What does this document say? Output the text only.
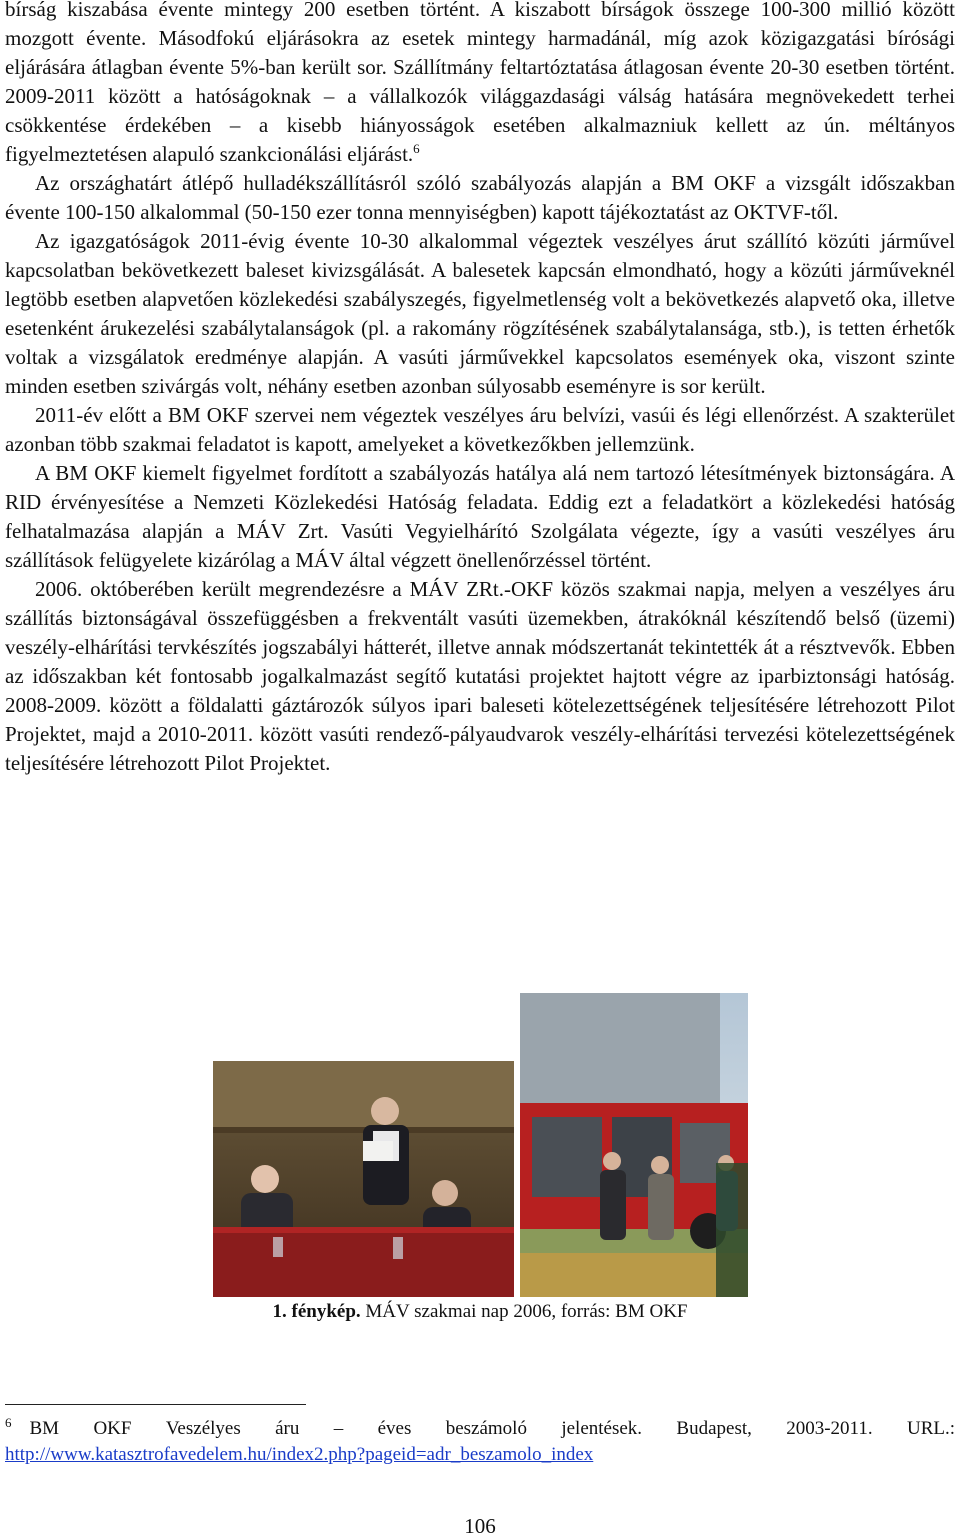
bírság kiszabása évente mintegy 200 esetben történt. A kiszabott bírságok összege 100-300 millió között mozgott évente. Másodfokú eljárásokra az esetek mintegy harmadánál, míg azok közigazgatási bírósági eljárására átlagban évente 5%-ban került sor. Szállítmány feltartóztatása átlagosan évente 20-30 esetben történt. 2009-2011 között a hatóságoknak – a vállalkozók világgazdasági válság hatására megnövekedett terhei csökkentése érdekében – a kisebb hiányosságok esetében alkalmazniuk kellett az ún. méltányos figyelmeztetésen alapuló szankcionálási eljárást.$^6$

Az országhatárt átlépő hulladékszállításról szóló szabályozás alapján a BM OKF a vizsgált időszakban évente 100-150 alkalommal (50-150 ezer tonna mennyiségben) kapott tájékoztatást az OKTVF-től.

Az igazgatóságok 2011-évig évente 10-30 alkalommal végeztek veszélyes árut szállító közúti járművel kapcsolatban bekövetkezett baleset kivizsgálását. A balesetek kapcsán elmondható, hogy a közúti járműveknél legtöbb esetben alapvetően közlekedési szabályszegés, figyelmetlenség volt a bekövetkezés alapvető oka, illetve esetenként árukezelési szabálytalanságok (pl. a rakomány rögzítésének szabálytalansága, stb.), is tetten érhetők voltak a vizsgálatok eredménye alapján. A vasúti járművekkel kapcsolatos események oka, viszont szinte minden esetben szivárgás volt, néhány esetben azonban súlyosabb eseményre is sor került.

2011-év előtt a BM OKF szervei nem végeztek veszélyes áru belvízi, vasúi és légi ellenőrzést. A szakterület azonban több szakmai feladatot is kapott, amelyeket a következőkben jellemzünk.

A BM OKF kiemelt figyelmet fordított a szabályozás hatálya alá nem tartozó létesítmények biztonságára. A RID érvényesítése a Nemzeti Közlekedési Hatóság feladata. Eddig ezt a feladatkört a közlekedési hatóság felhatalmazása alapján a MÁV Zrt. Vasúti Vegyielhárító Szolgálata végezte, így a vasúti veszélyes áru szállítások felügyelete kizárólag a MÁV által végzett önellenőrzéssel történt.

2006. októberében került megrendezésre a MÁV ZRt.-OKF közös szakmai napja, melyen a veszélyes áru szállítás biztonságával összefüggésben a frekventált vasúti üzemekben, átrakóknál készítendő belső (üzemi) veszély-elhárítási tervkészítés jogszabályi hátterét, illetve annak módszertanát tekintették át a résztvevők. Ebben az időszakban két fontosabb jogalkalmazást segítő kutatási projektet hajtott végre az iparbiztonsági hatóság. 2008-2009. között a földalatti gáztározók súlyos ipari baleseti kötelezettségének teljesítésére létrehozott Pilot Projektet, majd a 2010-2011. között vasúti rendező-pályaudvarok veszély-elhárítási tervezési kötelezettségének teljesítésére létrehozott Pilot Projektet.

1. fénykép. MÁV szakmai nap 2006, forrás: BM OKF
$^6$ BM OKF Veszélyes áru – éves beszámoló jelentések. Budapest, 2003-2011. URL.:
http://www.katasztrofavedelem.hu/index2.php?pageid=adr_beszamolo_index
106
